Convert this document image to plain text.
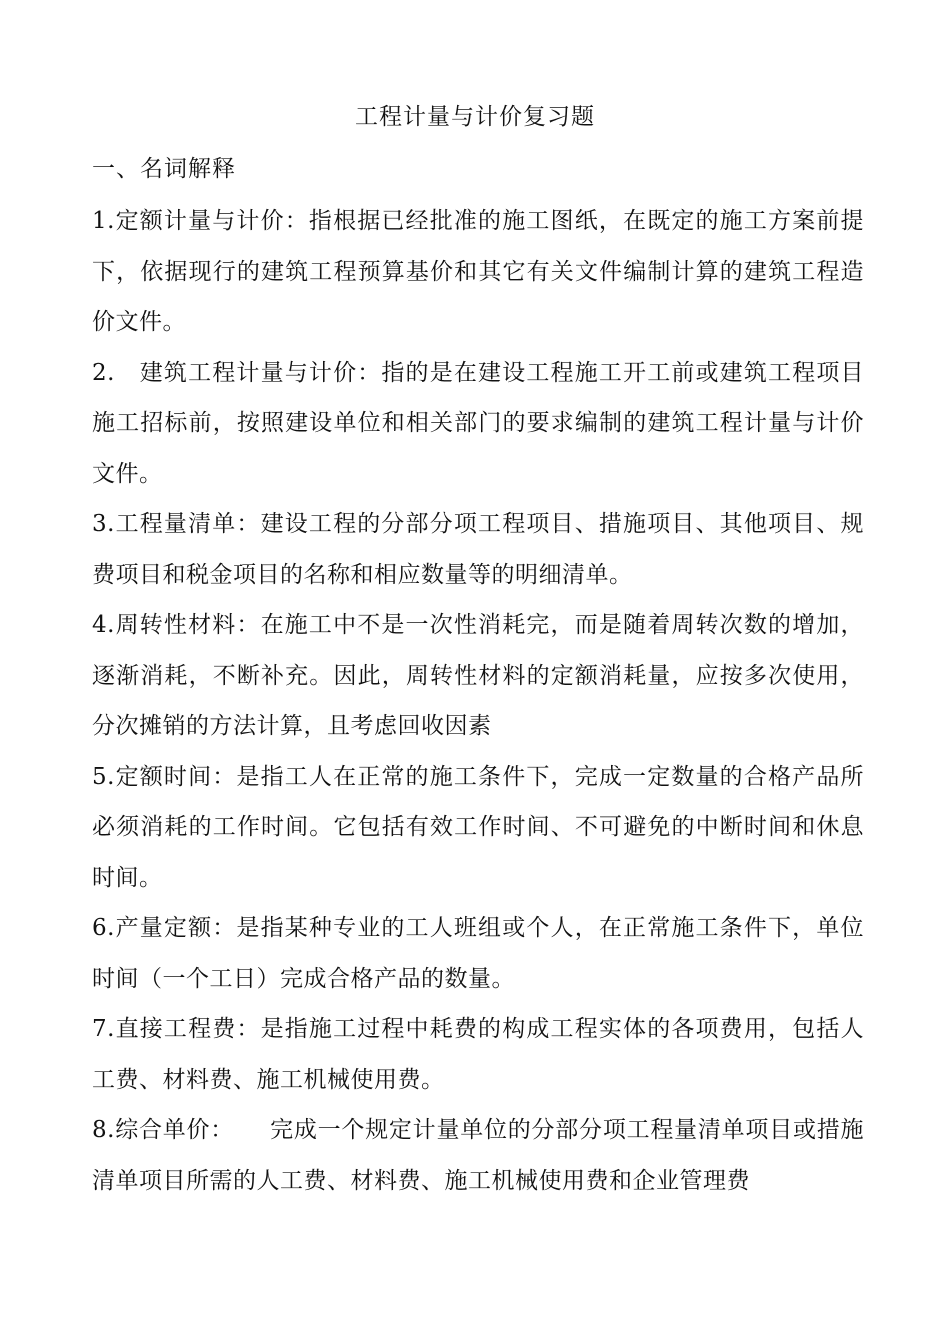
工程计量与计价复习题
一、名词解释

1.定额计量与计价：指根据已经批准的施工图纸，在既定的施工方案前提下，依据现行的建筑工程预算基价和其它有关文件编制计算的建筑工程造价文件。

2.　建筑工程计量与计价：指的是在建设工程施工开工前或建筑工程项目施工招标前，按照建设单位和相关部门的要求编制的建筑工程计量与计价文件。

3.工程量清单：建设工程的分部分项工程项目、措施项目、其他项目、规费项目和税金项目的名称和相应数量等的明细清单。

4.周转性材料：在施工中不是一次性消耗完，而是随着周转次数的增加，逐渐消耗，不断补充。因此，周转性材料的定额消耗量，应按多次使用，分次摊销的方法计算，且考虑回收因素

5.定额时间：是指工人在正常的施工条件下，完成一定数量的合格产品所必须消耗的工作时间。它包括有效工作时间、不可避免的中断时间和休息时间。

6.产量定额：是指某种专业的工人班组或个人，在正常施工条件下，单位时间（一个工日）完成合格产品的数量。

7.直接工程费：是指施工过程中耗费的构成工程实体的各项费用，包括人工费、材料费、施工机械使用费。

8.综合单价：　　完成一个规定计量单位的分部分项工程量清单项目或措施清单项目所需的人工费、材料费、施工机械使用费和企业管理费
